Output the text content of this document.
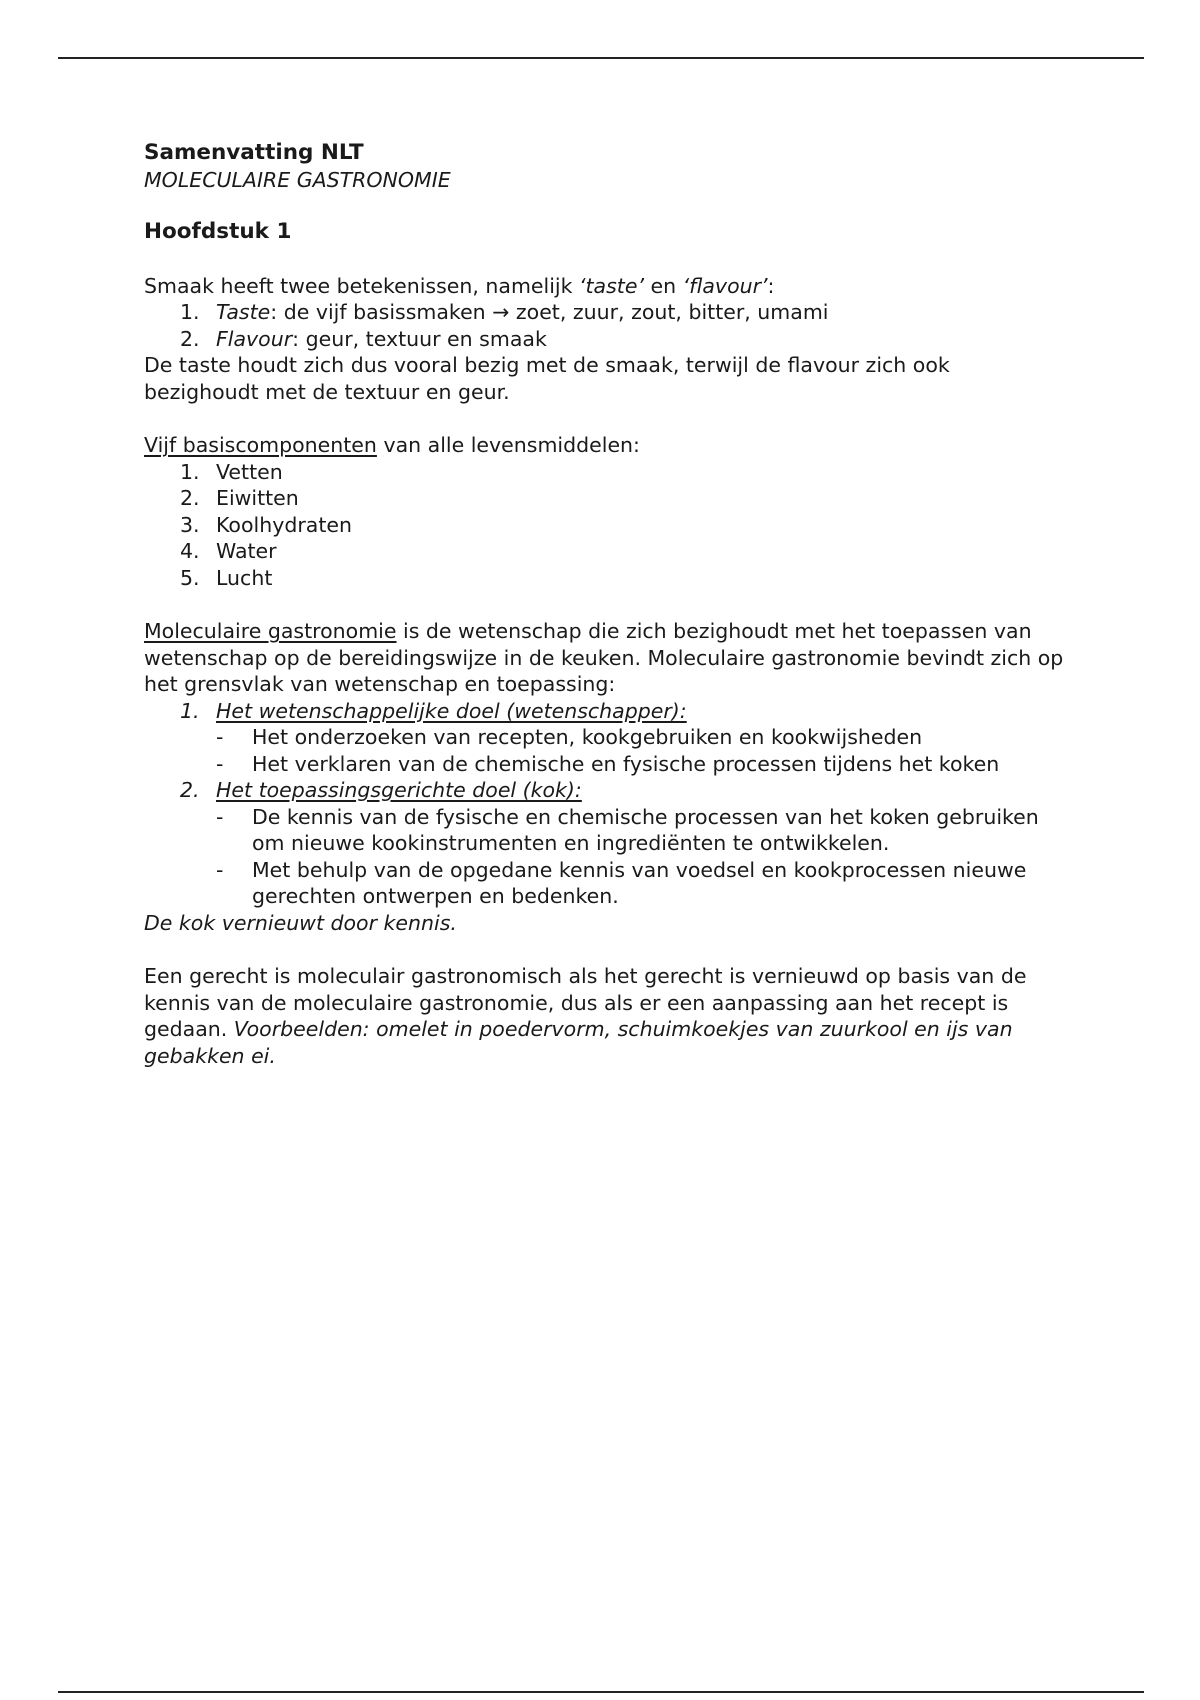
Samenvatting NLT
MOLECULAIRE GASTRONOMIE
Hoofdstuk 1

Smaak heeft twee betekenissen, namelijk ‘taste’ en ‘flavour’:

1. Taste: de vijf basissmaken → zoet, zuur, zout, bitter, umami
2. Flavour: geur, textuur en smaak

De taste houdt zich dus vooral bezig met de smaak, terwijl de flavour zich ook bezighoudt met de textuur en geur.

Vijf basiscomponenten van alle levensmiddelen:

1. Vetten
2. Eiwitten
3. Koolhydraten
4. Water
5. Lucht

Moleculaire gastronomie is de wetenschap die zich bezighoudt met het toepassen van wetenschap op de bereidingswijze in de keuken. Moleculaire gastronomie bevindt zich op het grensvlak van wetenschap en toepassing:

1. Het wetenschappelijke doel (wetenschapper):
- Het onderzoeken van recepten, kookgebruiken en kookwijsheden
- Het verklaren van de chemische en fysische processen tijdens het koken
2. Het toepassingsgerichte doel (kok):
- De kennis van de fysische en chemische processen van het koken gebruiken om nieuwe kookinstrumenten en ingrediënten te ontwikkelen.
- Met behulp van de opgedane kennis van voedsel en kookprocessen nieuwe gerechten ontwerpen en bedenken.

De kok vernieuwt door kennis.

Een gerecht is moleculair gastronomisch als het gerecht is vernieuwd op basis van de kennis van de moleculaire gastronomie, dus als er een aanpassing aan het recept is gedaan. Voorbeelden: omelet in poedervorm, schuimkoekjes van zuurkool en ijs van gebakken ei.
